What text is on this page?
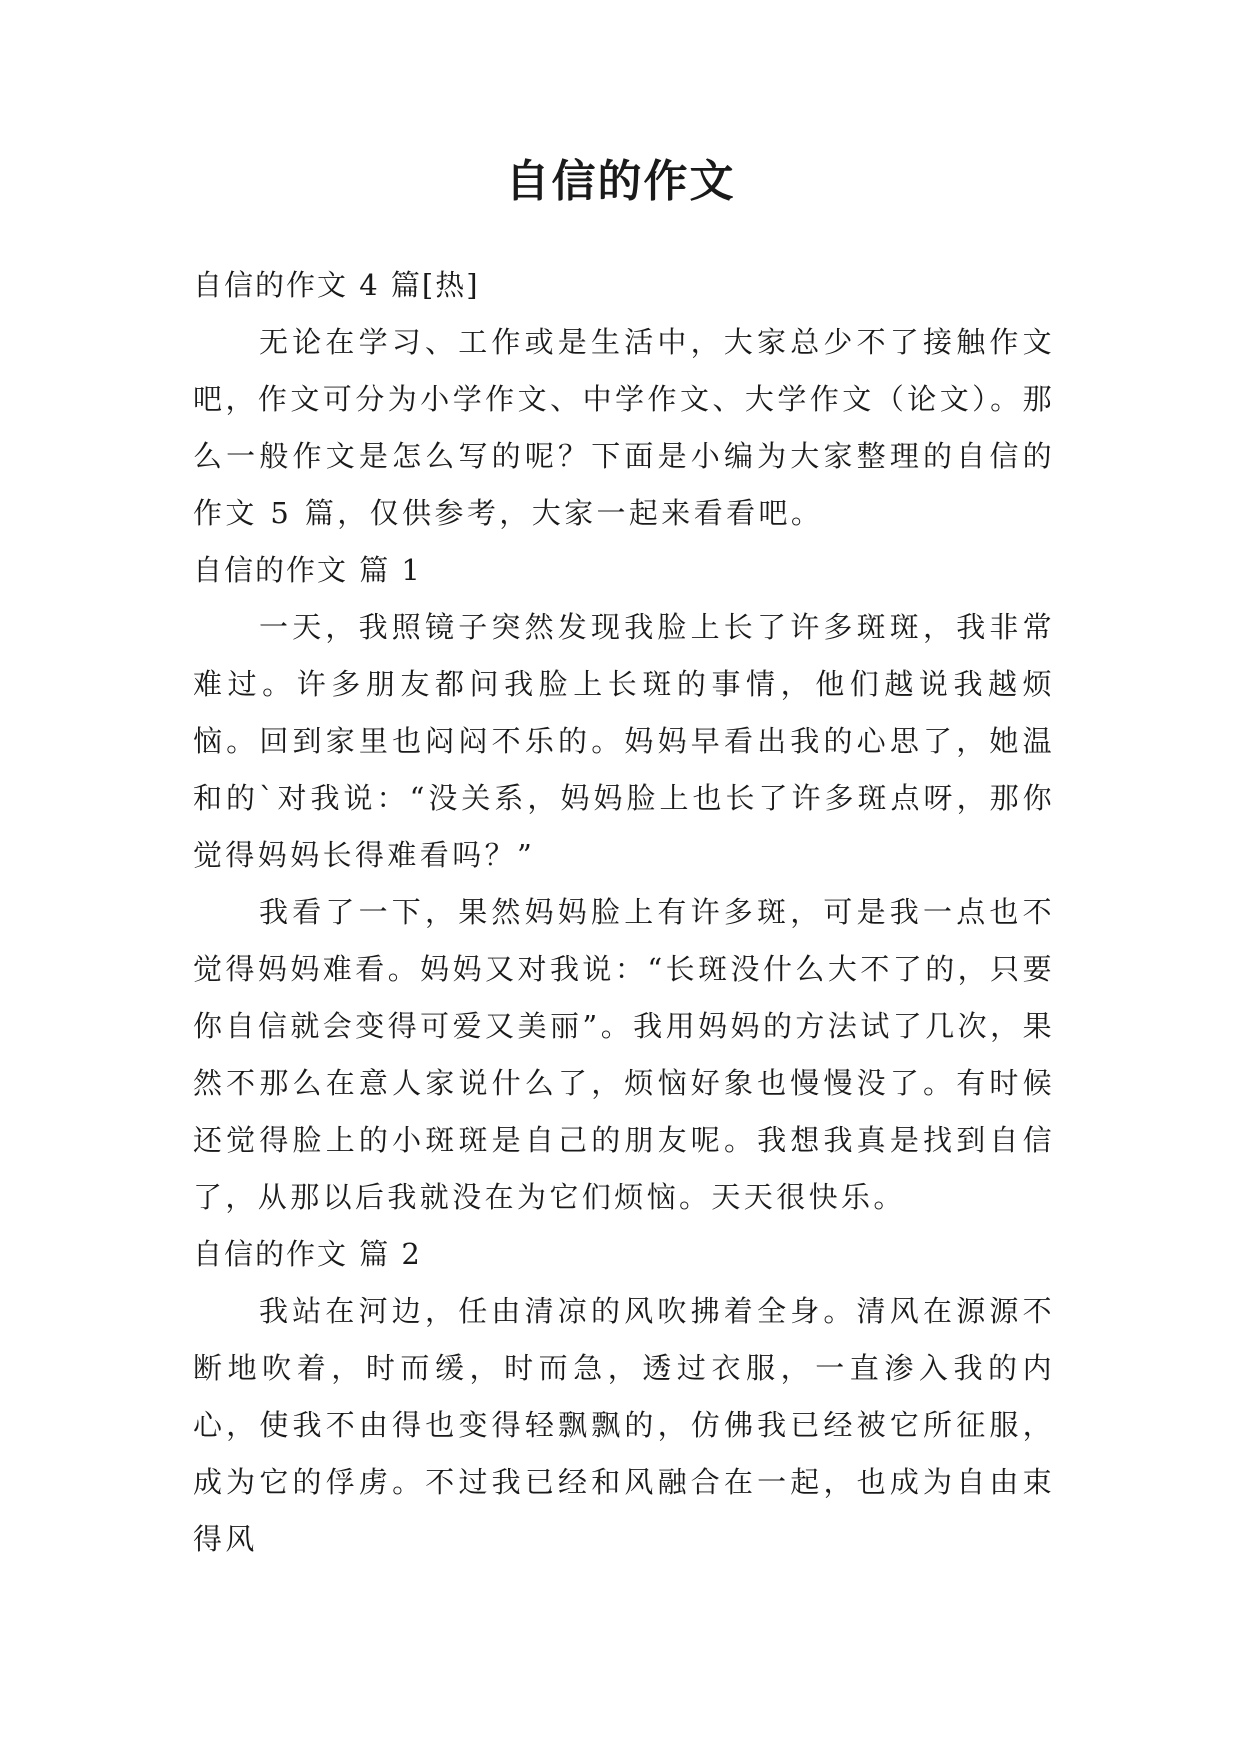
自信的作文

自信的作文 4 篇[热]

无论在学习、工作或是生活中，大家总少不了接触作文吧，作文可分为小学作文、中学作文、大学作文（论文）。那么一般作文是怎么写的呢？下面是小编为大家整理的自信的作文 5 篇，仅供参考，大家一起来看看吧。

自信的作文 篇 1

一天，我照镜子突然发现我脸上长了许多斑斑，我非常难过。许多朋友都问我脸上长斑的事情，他们越说我越烦恼。回到家里也闷闷不乐的。妈妈早看出我的心思了，她温和的`对我说：“没关系，妈妈脸上也长了许多斑点呀，那你觉得妈妈长得难看吗？”

我看了一下，果然妈妈脸上有许多斑，可是我一点也不觉得妈妈难看。妈妈又对我说：“长斑没什么大不了的，只要你自信就会变得可爱又美丽”。我用妈妈的方法试了几次，果然不那么在意人家说什么了，烦恼好象也慢慢没了。有时候还觉得脸上的小斑斑是自己的朋友呢。我想我真是找到自信了，从那以后我就没在为它们烦恼。天天很快乐。

自信的作文 篇 2

我站在河边，任由清凉的风吹拂着全身。清风在源源不断地吹着，时而缓，时而急，透过衣服，一直渗入我的内心，使我不由得也变得轻飘飘的，仿佛我已经被它所征服，成为它的俘虏。不过我已经和风融合在一起，也成为自由束得风
